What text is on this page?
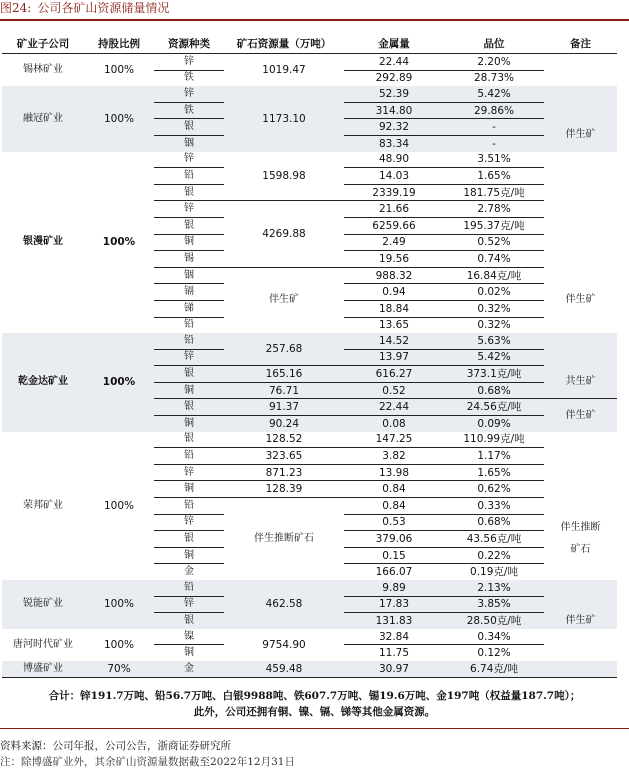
图24: 公司各矿山资源储量情况
矿业子公司	持股比例	资源种类	矿石资源量（万吨）	金属量	品位	备注
锡林矿业	100%	锌	1019.47	22.44	2.20%	
		铁		292.89	28.73%	
融冠矿业	100%	锌	1173.10	52.39	5.42%	
		铁		314.80	29.86%	
		银		92.32	-	伴生矿
		铟		83.34	-	
银漫矿业	100%	锌	1598.98	48.90	3.51%	
		铅		14.03	1.65%	
		银		2339.19	181.75克/吨	
		锌	4269.88	21.66	2.78%	
		银		6259.66	195.37克/吨	
		铜		2.49	0.52%	
		锡		19.56	0.74%	
		铟	伴生矿	988.32	16.84克/吨	伴生矿
		镉		0.94	0.02%	
		锑		18.84	0.32%	
		铅		13.65	0.32%	
乾金达矿业	100%	铅	257.68	14.52	5.63%	
		锌		13.97	5.42%	
		银	165.16	616.27	373.1克/吨	共生矿
		铜	76.71	0.52	0.68%	
		银	91.37	22.44	24.56克/吨	伴生矿
		铜	90.24	0.08	0.09%	
荣邦矿业	100%	银	128.52	147.25	110.99克/吨	
		铅	323.65	3.82	1.17%	
		锌	871.23	13.98	1.65%	
		铜	128.39	0.84	0.62%	
		铅	伴生推断矿石	0.84	0.33%	伴生推断
矿石
		锌		0.53	0.68%	
		银		379.06	43.56克/吨	
		铜		0.15	0.22%	
		金		166.07	0.19克/吨	
锐能矿业	100%	铅	462.58	9.89	2.13%	
		锌		17.83	3.85%	
		银		131.83	28.50克/吨	伴生矿
唐河时代矿业	100%	镍	9754.90	32.84	0.34%	
		铜		11.75	0.12%	
博盛矿业	70%	金	459.48	30.97	6.74克/吨	
合计：锌191.7万吨、铅56.7万吨、白银9988吨、铁607.7万吨、锡19.6万吨、金197吨（权益量187.7吨）；
此外，公司还拥有铜、镍、镉、锑等其他金属资源。
资料来源：公司年报，公司公告，浙商证券研究所
注：除博盛矿业外，其余矿山资源量数据截至2022年12月31日
